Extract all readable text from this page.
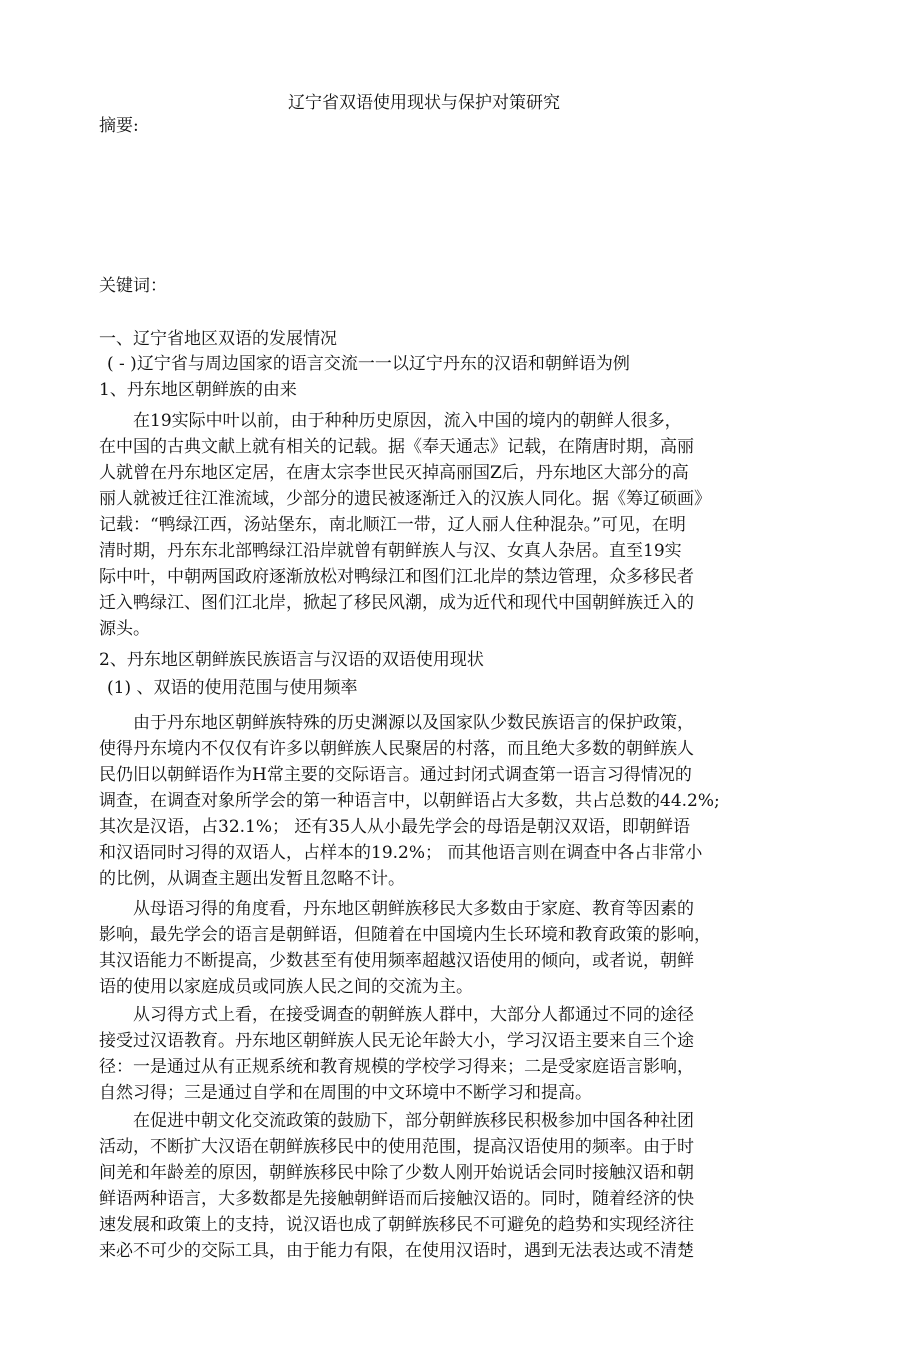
辽宁省双语使用现状与保护对策研究
摘要:
关键词：
一、辽宁省地区双语的发展情况
( - )辽宁省与周边国家的语言交流一一以辽宁丹东的汉语和朝鲜语为例
1、丹东地区朝鲜族的由来
　　在19实际中叶以前，由于种种历史原因，流入中国的境内的朝鲜人很多，
在中国的古典文献上就有相关的记载。据《奉天通志》记载，在隋唐时期，高丽
人就曾在丹东地区定居，在唐太宗李世民灭掉高丽国Z后，丹东地区大部分的高
丽人就被迁往江淮流域，少部分的遗民被逐渐迁入的汉族人同化。据《筹辽硕画》
记载：“鸭绿江西，汤站堡东，南北顺江一带，辽人丽人住种混杂。”可见，在明
清时期，丹东东北部鸭绿江沿岸就曾有朝鲜族人与汉、女真人杂居。直至19实
际中叶，中朝两国政府逐渐放松对鸭绿江和图们江北岸的禁边管理，众多移民者
迁入鸭绿江、图们江北岸，掀起了移民风潮，成为近代和现代中国朝鲜族迁入的
源头。
2、丹东地区朝鲜族民族语言与汉语的双语使用现状
(1) 、双语的使用范围与使用频率
　　由于丹东地区朝鲜族特殊的历史渊源以及国家队少数民族语言的保护政策，
使得丹东境内不仅仅有许多以朝鲜族人民聚居的村落，而且绝大多数的朝鲜族人
民仍旧以朝鲜语作为H常主要的交际语言。通过封闭式调查第一语言习得情况的
调查，在调查对象所学会的第一种语言中，以朝鲜语占大多数，共占总数的44.2%;
其次是汉语，占32.1%； 还有35人从小最先学会的母语是朝汉双语，即朝鲜语
和汉语同时习得的双语人，占样本的19.2%； 而其他语言则在调查中各占非常小
的比例，从调查主题出发暂且忽略不计。
　　从母语习得的角度看，丹东地区朝鲜族移民大多数由于家庭、教育等因素的
影响，最先学会的语言是朝鲜语，但随着在中国境内生长环境和教育政策的影响，
其汉语能力不断提高，少数甚至有使用频率超越汉语使用的倾向，或者说，朝鲜
语的使用以家庭成员或同族人民之间的交流为主。
　　从习得方式上看，在接受调查的朝鲜族人群中，大部分人都通过不同的途径
接受过汉语教育。丹东地区朝鲜族人民无论年龄大小，学习汉语主要来自三个途
径：一是通过从有正规系统和教育规模的学校学习得来；二是受家庭语言影响，
自然习得；三是通过自学和在周围的中文环境中不断学习和提高。
　　在促进中朝文化交流政策的鼓励下，部分朝鲜族移民积极参加中国各种社团
活动，不断扩大汉语在朝鲜族移民中的使用范围，提高汉语使用的频率。由于时
间羌和年龄差的原因，朝鲜族移民中除了少数人刚开始说话会同时接触汉语和朝
鲜语两种语言，大多数都是先接触朝鲜语而后接触汉语的。同时，随着经济的快
速发展和政策上的支持，说汉语也成了朝鲜族移民不可避免的趋势和实现经济往
来必不可少的交际工具，由于能力有限，在使用汉语时，遇到无法表达或不清楚
